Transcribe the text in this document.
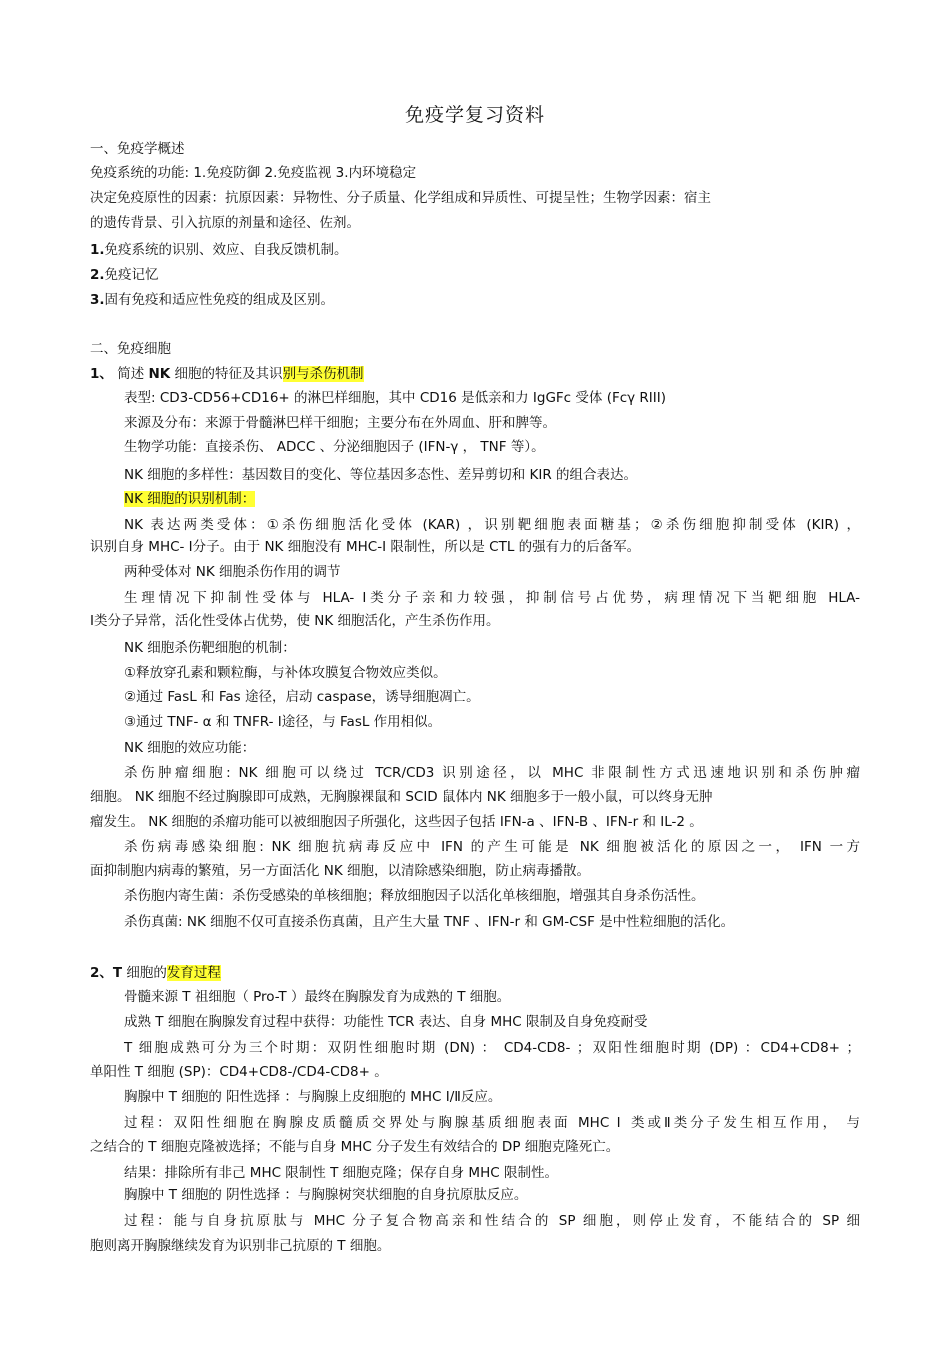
免疫学复习资料
一、免疫学概述
免疫系统的功能: 1.免疫防御 2.免疫监视 3.内环境稳定
决定免疫原性的因素：抗原因素：异物性、分子质量、化学组成和异质性、可提呈性；生物学因素：宿主
的遗传背景、引入抗原的剂量和途径、佐剂。
1.免疫系统的识别、效应、自我反馈机制。
2.免疫记忆
3.固有免疫和适应性免疫的组成及区别。
二、免疫细胞
1、 简述 NK 细胞的特征及其识别与杀伤机制
表型: CD3-CD56+CD16+ 的淋巴样细胞，其中 CD16 是低亲和力 IgGFc 受体 (Fcγ RIII)
来源及分布：来源于骨髓淋巴样干细胞；主要分布在外周血、肝和脾等。
生物学功能：直接杀伤、 ADCC 、分泌细胞因子 (IFN-γ ， TNF 等）。
NK 细胞的多样性：基因数目的变化、等位基因多态性、差异剪切和 KIR 的组合表达。
NK 细胞的识别机制：
NK 表达两类受体：①杀伤细胞活化受体 (KAR) ，识别靶细胞表面糖基；②杀伤细胞抑制受体 (KIR) ，
识别自身 MHC- Ⅰ分子。由于 NK 细胞没有 MHC-I 限制性，所以是 CTL 的强有力的后备军。
两种受体对 NK 细胞杀伤作用的调节
生理情况下抑制性受体与 HLA- Ⅰ类分子亲和力较强，抑制信号占优势，病理情况下当靶细胞 HLA-
Ⅰ类分子异常，活化性受体占优势，使 NK 细胞活化，产生杀伤作用。
NK 细胞杀伤靶细胞的机制：
①释放穿孔素和颗粒酶，与补体攻膜复合物效应类似。
②通过 FasL 和 Fas 途径，启动 caspase，诱导细胞凋亡。
③通过 TNF- α 和 TNFR- Ⅰ途径，与 FasL 作用相似。
NK 细胞的效应功能：
杀伤肿瘤细胞: NK 细胞可以绕过 TCR/CD3 识别途径，以 MHC 非限制性方式迅速地识别和杀伤肿瘤
细胞。 NK 细胞不经过胸腺即可成熟，无胸腺裸鼠和 SCID 鼠体内 NK 细胞多于一般小鼠，可以终身无肿
瘤发生。 NK 细胞的杀瘤功能可以被细胞因子所强化，这些因子包括 IFN-a 、IFN-B 、IFN-r 和 IL-2 。
杀伤病毒感染细胞: NK 细胞抗病毒反应中 IFN 的产生可能是 NK 细胞被活化的原因之一， IFN 一方
面抑制胞内病毒的繁殖，另一方面活化 NK 细胞，以清除感染细胞，防止病毒播散。
杀伤胞内寄生菌：杀伤受感染的单核细胞；释放细胞因子以活化单核细胞，增强其自身杀伤活性。
杀伤真菌: NK 细胞不仅可直接杀伤真菌，且产生大量 TNF 、IFN-r 和 GM-CSF 是中性粒细胞的活化。
2、T 细胞的发育过程
骨髓来源 T 祖细胞（ Pro-T ）最终在胸腺发育为成熟的 T 细胞。
成熟 T 细胞在胸腺发育过程中获得：功能性 TCR 表达、自身 MHC 限制及自身免疫耐受
T 细胞成熟可分为三个时期：双阴性细胞时期 (DN) ： CD4-CD8- ；双阳性细胞时期 (DP) ：CD4+CD8+ ；
单阳性 T 细胞 (SP)：CD4+CD8-/CD4-CD8+ 。
胸腺中 T 细胞的 阳性选择 ：与胸腺上皮细胞的 MHC Ⅰ/Ⅱ反应。
过程：双阳性细胞在胸腺皮质髓质交界处与胸腺基质细胞表面 MHC Ⅰ 类或Ⅱ类分子发生相互作用， 与
之结合的 T 细胞克隆被选择；不能与自身 MHC 分子发生有效结合的 DP 细胞克隆死亡。
结果：排除所有非己 MHC 限制性 T 细胞克隆；保存自身 MHC 限制性。
胸腺中 T 细胞的 阴性选择 ：与胸腺树突状细胞的自身抗原肽反应。
过程：能与自身抗原肽与 MHC 分子复合物高亲和性结合的 SP 细胞，则停止发育，不能结合的 SP 细
胞则离开胸腺继续发育为识别非己抗原的 T 细胞。
